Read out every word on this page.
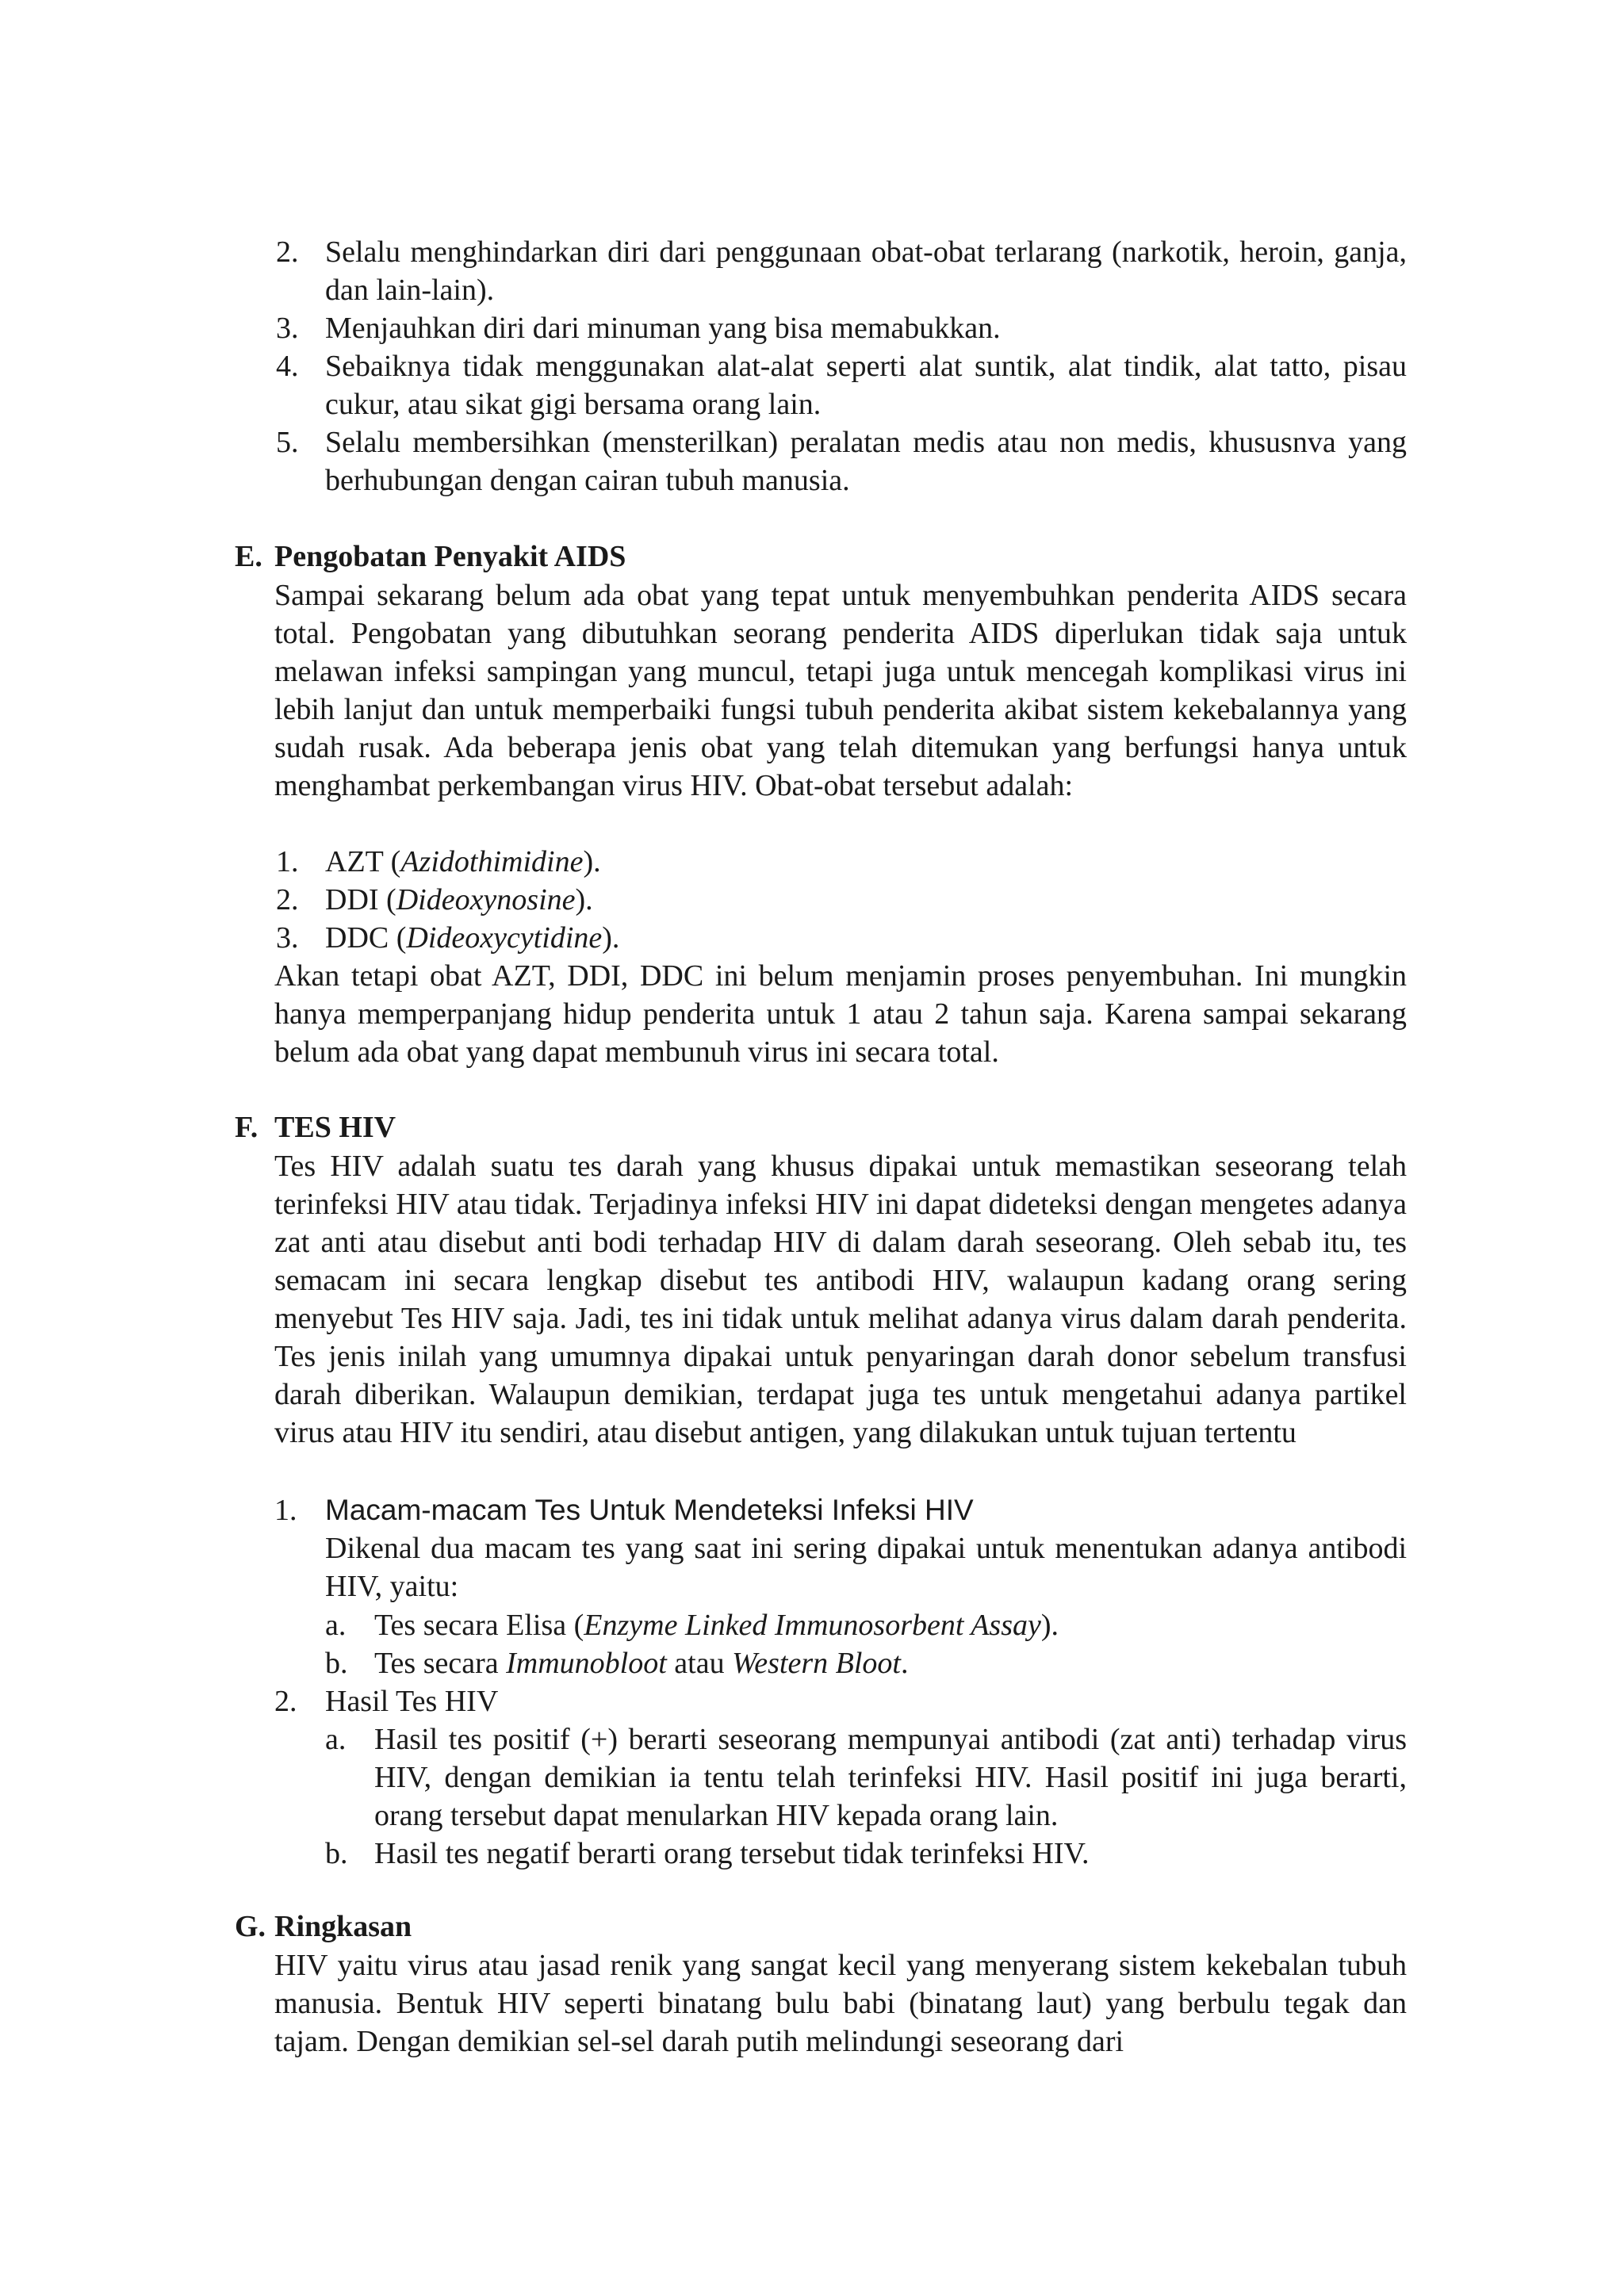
2. Selalu menghindarkan diri dari penggunaan obat-obat terlarang (narkotik, heroin, ganja, dan lain-lain).
3. Menjauhkan diri dari minuman yang bisa memabukkan.
4. Sebaiknya tidak menggunakan alat-alat seperti alat suntik, alat tindik, alat tatto, pisau cukur, atau sikat gigi bersama orang lain.
5. Selalu membersihkan (mensterilkan) peralatan medis atau non medis, khususnva yang berhubungan dengan cairan tubuh manusia.
E. Pengobatan Penyakit AIDS

Sampai sekarang belum ada obat yang tepat untuk menyembuhkan penderita AIDS secara total. Pengobatan yang dibutuhkan seorang penderita AIDS diperlukan tidak saja untuk melawan infeksi sampingan yang muncul, tetapi juga untuk mencegah komplikasi virus ini lebih lanjut dan untuk memperbaiki fungsi tubuh penderita akibat sistem kekebalannya yang sudah rusak. Ada beberapa jenis obat yang telah ditemukan yang berfungsi hanya untuk menghambat perkembangan virus HIV. Obat-obat tersebut adalah:

1. AZT (Azidothimidine).
2. DDI (Dideoxynosine).
3. DDC (Dideoxycytidine).

Akan tetapi obat AZT, DDI, DDC ini belum menjamin proses penyembuhan. Ini mungkin hanya memperpanjang hidup penderita untuk 1 atau 2 tahun saja. Karena sampai sekarang belum ada obat yang dapat membunuh virus ini secara total.

F. TES HIV

Tes HIV adalah suatu tes darah yang khusus dipakai untuk memastikan seseorang telah terinfeksi HIV atau tidak. Terjadinya infeksi HIV ini dapat dideteksi dengan mengetes adanya zat anti atau disebut anti bodi terhadap HIV di dalam darah seseorang. Oleh sebab itu, tes semacam ini secara lengkap disebut tes antibodi HIV, walaupun kadang orang sering menyebut Tes HIV saja. Jadi, tes ini tidak untuk melihat adanya virus dalam darah penderita. Tes jenis inilah yang umumnya dipakai untuk penyaringan darah donor sebelum transfusi darah diberikan. Walaupun demikian, terdapat juga tes untuk mengetahui adanya partikel virus atau HIV itu sendiri, atau disebut antigen, yang dilakukan untuk tujuan tertentu

1. Macam-macam Tes Untuk Mendeteksi Infeksi HIV

Dikenal dua macam tes yang saat ini sering dipakai untuk menentukan adanya antibodi HIV, yaitu:

a. Tes secara Elisa (Enzyme Linked Immunosorbent Assay).
b. Tes secara Immunobloot atau Western Bloot.
2. Hasil Tes HIV
a. Hasil tes positif (+) berarti seseorang mempunyai antibodi (zat anti) terhadap virus HIV, dengan demikian ia tentu telah terinfeksi HIV. Hasil positif ini juga berarti, orang tersebut dapat menularkan HIV kepada orang lain.

b. Hasil tes negatif berarti orang tersebut tidak terinfeksi HIV.

G. Ringkasan

HIV yaitu virus atau jasad renik yang sangat kecil yang menyerang sistem kekebalan tubuh manusia. Bentuk HIV seperti binatang bulu babi (binatang laut) yang berbulu tegak dan tajam. Dengan demikian sel-sel darah putih melindungi seseorang dari
